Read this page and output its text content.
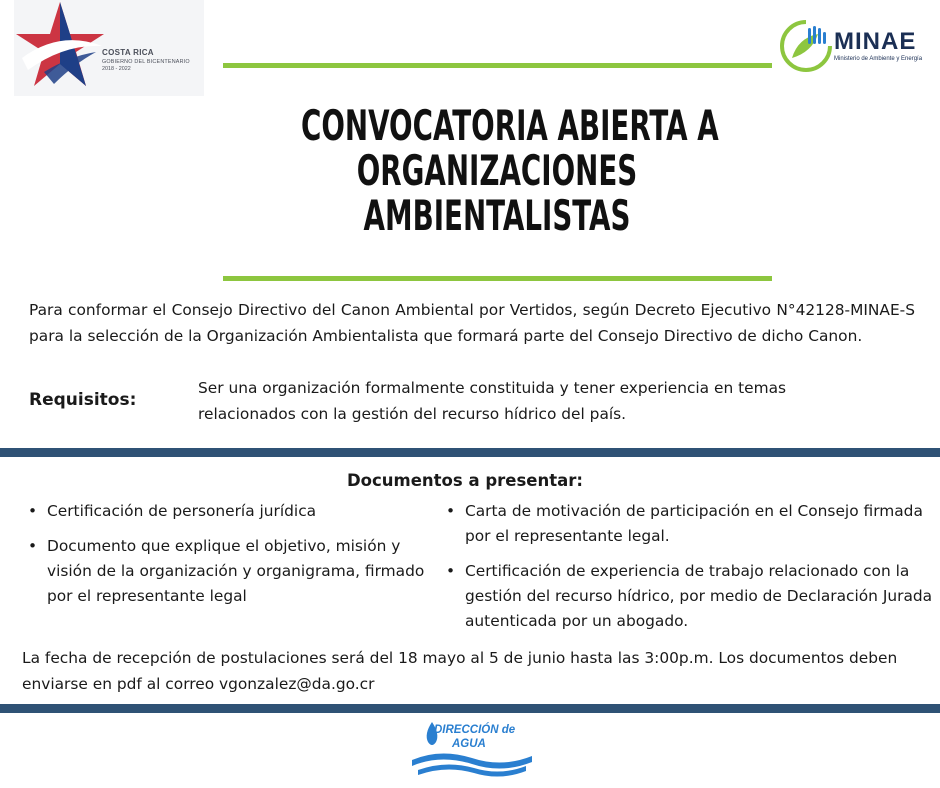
COSTA RICA
GOBIERNO DEL BICENTENARIO
2018 - 2022
MINAE
Ministerio de Ambiente y Energía
CONVOCATORIA ABIERTA A
ORGANIZACIONES
AMBIENTALISTAS
Para conformar el Consejo Directivo del Canon Ambiental por Vertidos, según Decreto Ejecutivo N°42128-MINAE-S para la selección de la Organización Ambientalista que formará parte del Consejo Directivo de dicho Canon.
Requisitos:
Ser una organización formalmente constituida y tener experiencia en temas relacionados con la gestión del recurso hídrico del país.
Documentos a presentar:
• Certificación de personería jurídica
• Documento que explique el objetivo, misión y visión de la organización y organigrama, firmado por el representante legal
• Carta de motivación de participación en el Consejo firmada por el representante legal.
• Certificación de experiencia de trabajo relacionado con la gestión del recurso hídrico, por medio de Declaración Jurada autenticada por un abogado.
La fecha de recepción de postulaciones será del 18 mayo al 5 de junio hasta las 3:00p.m. Los documentos deben enviarse en pdf al correo vgonzalez@da.go.cr
DIRECCIÓN de
AGUA
